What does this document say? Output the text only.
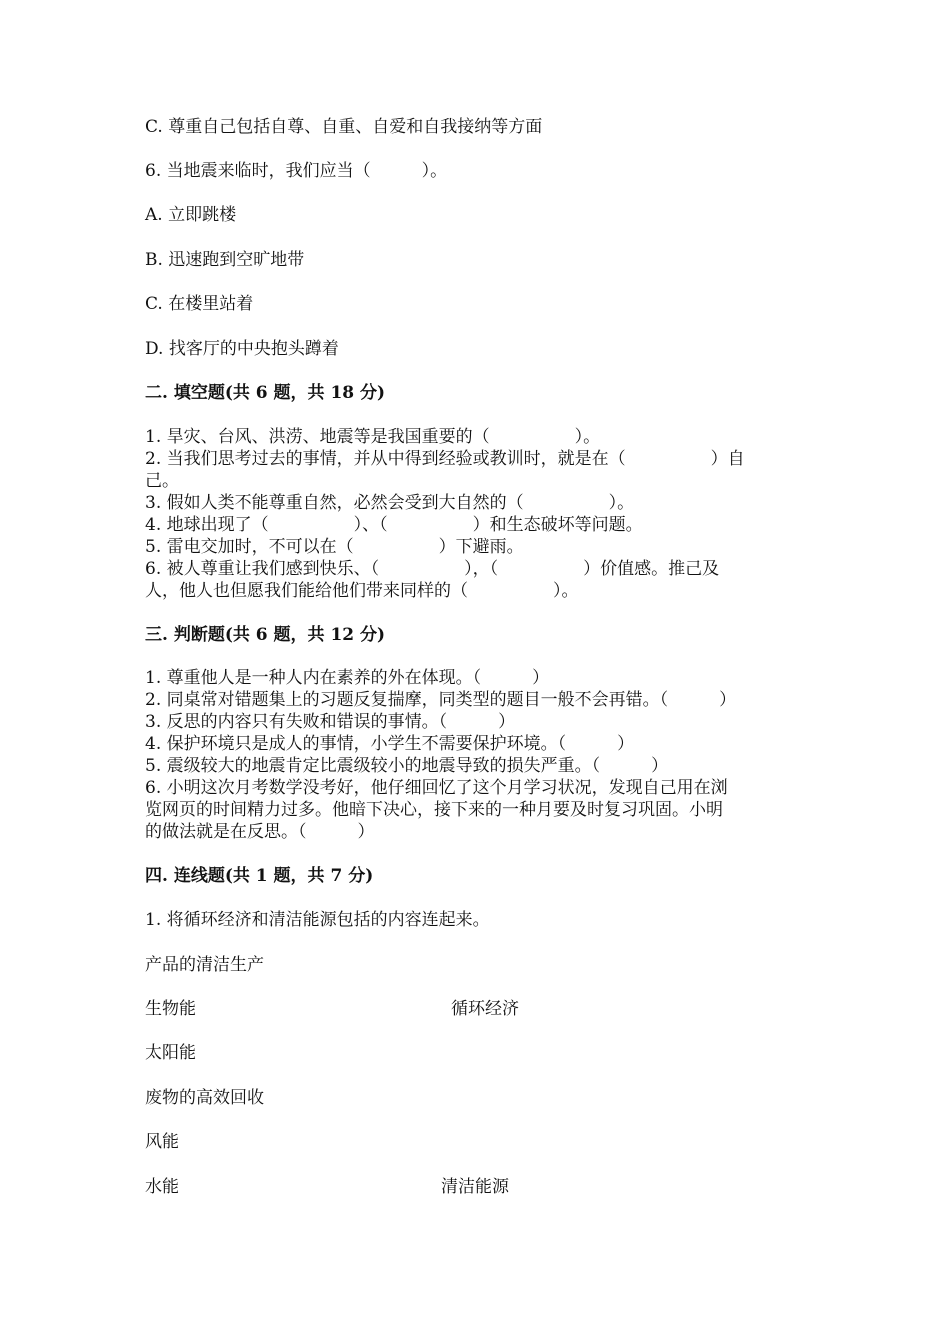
C. 尊重自己包括自尊、自重、自爱和自我接纳等方面
6. 当地震来临时，我们应当（　　　）。
A. 立即跳楼
B. 迅速跑到空旷地带
C. 在楼里站着
D. 找客厅的中央抱头蹲着
二. 填空题(共 6 题，共 18 分)
1. 旱灾、台风、洪涝、地震等是我国重要的（　　　　　）。
2. 当我们思考过去的事情，并从中得到经验或教训时，就是在（　　　　　）自
己。
3. 假如人类不能尊重自然，必然会受到大自然的（　　　　　）。
4. 地球出现了（　　　　　）、（　　　　　）和生态破坏等问题。
5. 雷电交加时，不可以在（　　　　　）下避雨。
6. 被人尊重让我们感到快乐、（　　　　　），（　　　　　）价值感。推己及
人，他人也但愿我们能给他们带来同样的（　　　　　）。
三. 判断题(共 6 题，共 12 分)
1. 尊重他人是一种人内在素养的外在体现。（　　　）
2. 同桌常对错题集上的习题反复揣摩，同类型的题目一般不会再错。（　　　）
3. 反思的内容只有失败和错误的事情。（　　　）
4. 保护环境只是成人的事情，小学生不需要保护环境。（　　　）
5. 震级较大的地震肯定比震级较小的地震导致的损失严重。（　　　）
6. 小明这次月考数学没考好，他仔细回忆了这个月学习状况，发现自己用在浏
览网页的时间精力过多。他暗下决心，接下来的一种月要及时复习巩固。小明
的做法就是在反思。（　　　）
四. 连线题(共 1 题，共 7 分)
1. 将循环经济和清洁能源包括的内容连起来。
产品的清洁生产
生物能	循环经济
太阳能
废物的高效回收
风能
水能	清洁能源
